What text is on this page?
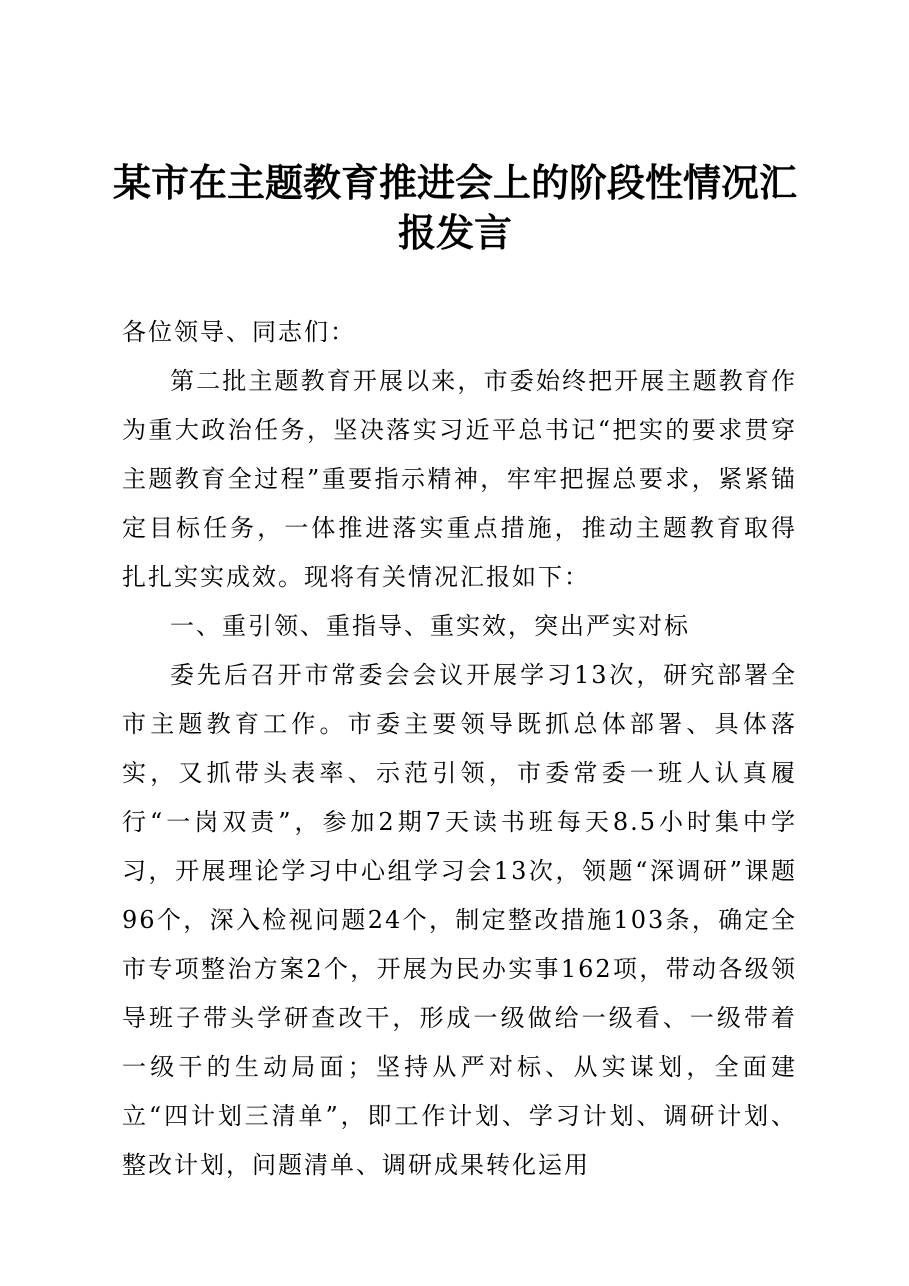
某市在主题教育推进会上的阶段性情况汇报发言

各位领导、同志们：

第二批主题教育开展以来，市委始终把开展主题教育作为重大政治任务，坚决落实习近平总书记“把实的要求贯穿主题教育全过程”重要指示精神，牢牢把握总要求，紧紧锚定目标任务，一体推进落实重点措施，推动主题教育取得扎扎实实成效。现将有关情况汇报如下：

一、重引领、重指导、重实效，突出严实对标

委先后召开市常委会会议开展学习13次，研究部署全市主题教育工作。市委主要领导既抓总体部署、具体落实，又抓带头表率、示范引领，市委常委一班人认真履行“一岗双责”，参加2期7天读书班每天8.5小时集中学习，开展理论学习中心组学习会13次，领题“深调研”课题96个，深入检视问题24个，制定整改措施103条，确定全市专项整治方案2个，开展为民办实事162项，带动各级领导班子带头学研查改干，形成一级做给一级看、一级带着一级干的生动局面；坚持从严对标、从实谋划，全面建立“四计划三清单”，即工作计划、学习计划、调研计划、整改计划，问题清单、调研成果转化运用
